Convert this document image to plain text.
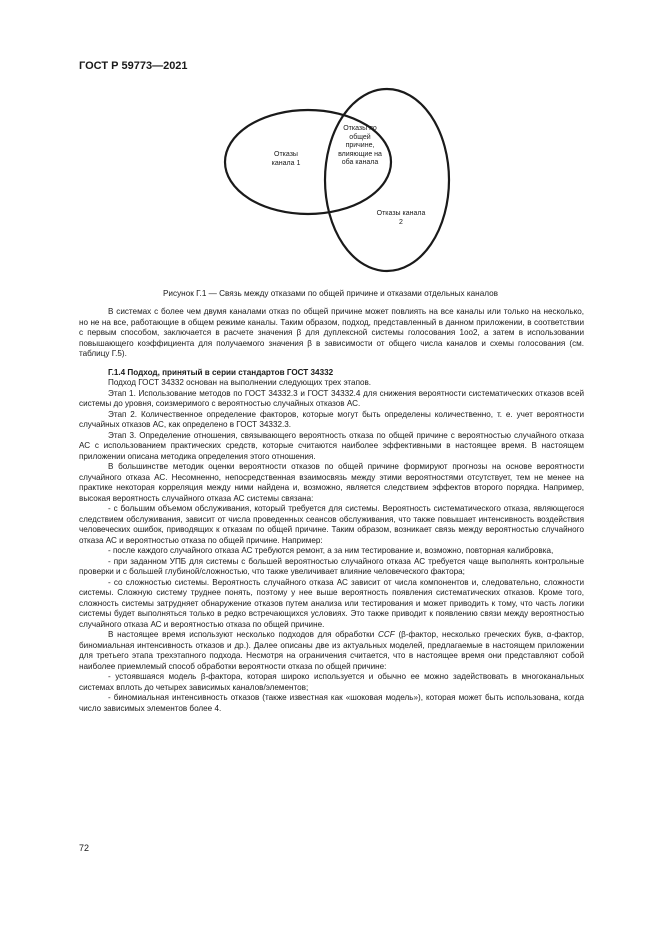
ГОСТ Р 59773—2021

Отказы канала 1
Отказы по общей причине, влияющие на оба канала
Отказы канала 2

Рисунок Г.1 — Связь между отказами по общей причине и отказами отдельных каналов

В системах с более чем двумя каналами отказ по общей причине может повлиять на все каналы или только на несколько, но не на все, работающие в общем режиме каналы. Таким образом, подход, представленный в данном приложении, в соответствии с первым способом, заключается в расчете значения β для дуплексной системы голосования 1oo2, а затем в использовании повышающего коэффициента для получаемого значения β в зависимости от общего числа каналов и схемы голосования (см. таблицу Г.5).

Г.1.4 Подход, принятый в серии стандартов ГОСТ 34332

Подход ГОСТ 34332 основан на выполнении следующих трех этапов.

Этап 1. Использование методов по ГОСТ 34332.3 и ГОСТ 34332.4 для снижения вероятности систематических отказов всей системы до уровня, соизмеримого с вероятностью случайных отказов АС.

Этап 2. Количественное определение факторов, которые могут быть определены количественно, т. е. учет вероятности случайных отказов АС, как определено в ГОСТ 34332.3.

Этап 3. Определение отношения, связывающего вероятность отказа по общей причине с вероятностью случайного отказа АС с использованием практических средств, которые считаются наиболее эффективными в настоящее время. В настоящем приложении описана методика определения этого отношения.

В большинстве методик оценки вероятности отказов по общей причине формируют прогнозы на основе вероятности случайного отказа АС. Несомненно, непосредственная взаимосвязь между этими вероятностями отсутствует, тем не менее на практике некоторая корреляция между ними найдена и, возможно, является следствием эффектов второго порядка. Например, высокая вероятность случайного отказа АС системы связана:

- с большим объемом обслуживания, который требуется для системы. Вероятность систематического отказа, являющегося следствием обслуживания, зависит от числа проведенных сеансов обслуживания, что также повышает интенсивность воздействия человеческих ошибок, приводящих к отказам по общей причине. Таким образом, возникает связь между вероятностью случайного отказа АС и вероятностью отказа по общей причине. Например:

- после каждого случайного отказа АС требуются ремонт, а за ним тестирование и, возможно, повторная калибровка,

- при заданном УПБ для системы с большей вероятностью случайного отказа АС требуется чаще выполнять контрольные проверки и с большей глубиной/сложностью, что также увеличивает влияние человеческого фактора;

- со сложностью системы. Вероятность случайного отказа АС зависит от числа компонентов и, следовательно, сложности системы. Сложную систему труднее понять, поэтому у нее выше вероятность появления систематических отказов. Кроме того, сложность системы затрудняет обнаружение отказов путем анализа или тестирования и может приводить к тому, что часть логики системы будет выполняться только в редко встречающихся условиях. Это также приводит к появлению связи между вероятностью случайного отказа АС и вероятностью отказа по общей причине.

В настоящее время используют несколько подходов для обработки CCF (β-фактор, несколько греческих букв, α-фактор, биномиальная интенсивность отказов и др.). Далее описаны две из актуальных моделей, предлагаемые в настоящем приложении для третьего этапа трехэтапного подхода. Несмотря на ограничения считается, что в настоящее время они представляют собой наиболее приемлемый способ обработки вероятности отказа по общей причине:

- устоявшаяся модель β-фактора, которая широко используется и обычно ее можно задействовать в многоканальных системах вплоть до четырех зависимых каналов/элементов;

- биномиальная интенсивность отказов (также известная как «шоковая модель»), которая может быть использована, когда число зависимых элементов более 4.

72
